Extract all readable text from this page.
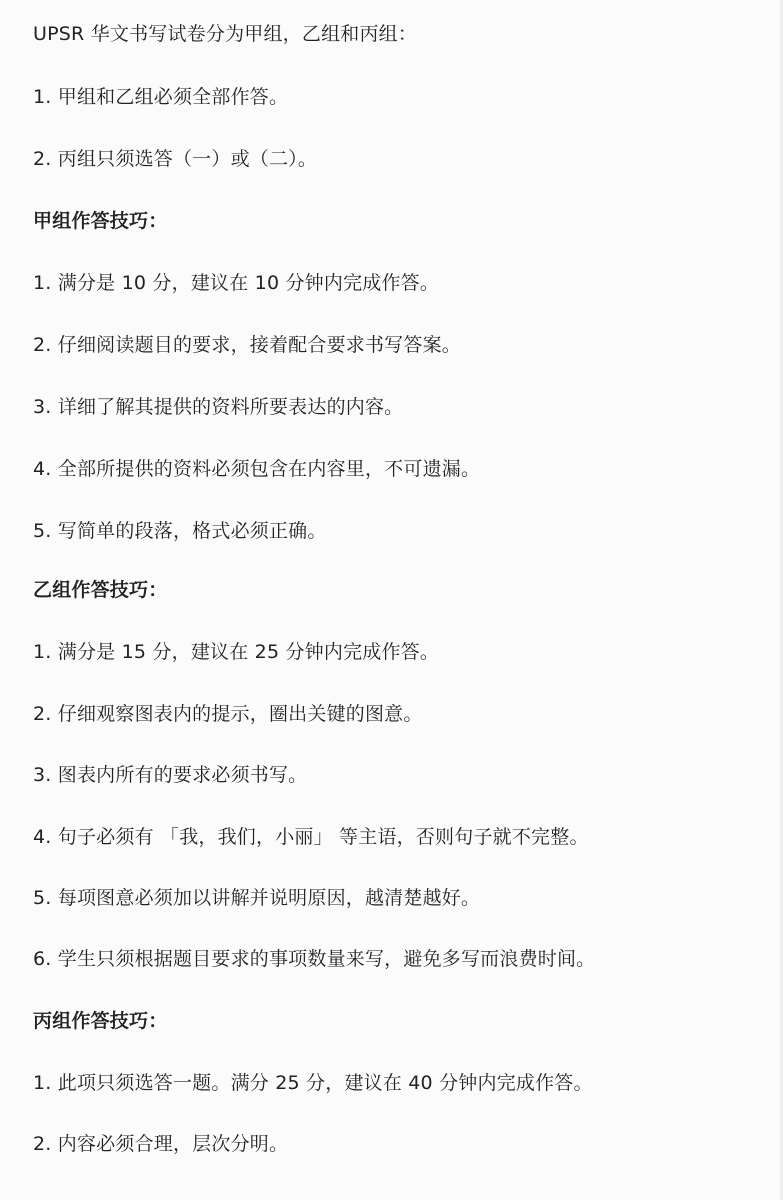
UPSR 华文书写试卷分为甲组，乙组和丙组：
1. 甲组和乙组必须全部作答。
2. 丙组只须选答（一）或（二）。
甲组作答技巧：
1. 满分是 10 分，建议在 10 分钟内完成作答。
2. 仔细阅读题目的要求，接着配合要求书写答案。
3. 详细了解其提供的资料所要表达的内容。
4. 全部所提供的资料必须包含在内容里，不可遗漏。
5. 写简单的段落，格式必须正确。
乙组作答技巧：
1. 满分是 15 分，建议在 25 分钟内完成作答。
2. 仔细观察图表内的提示，圈出关键的图意。
3. 图表内所有的要求必须书写。
4. 句子必须有 「我，我们，小丽」 等主语，否则句子就不完整。
5. 每项图意必须加以讲解并说明原因，越清楚越好。
6. 学生只须根据题目要求的事项数量来写，避免多写而浪费时间。
丙组作答技巧：
1. 此项只须选答一题。满分 25 分，建议在 40 分钟内完成作答。
2. 内容必须合理，层次分明。
